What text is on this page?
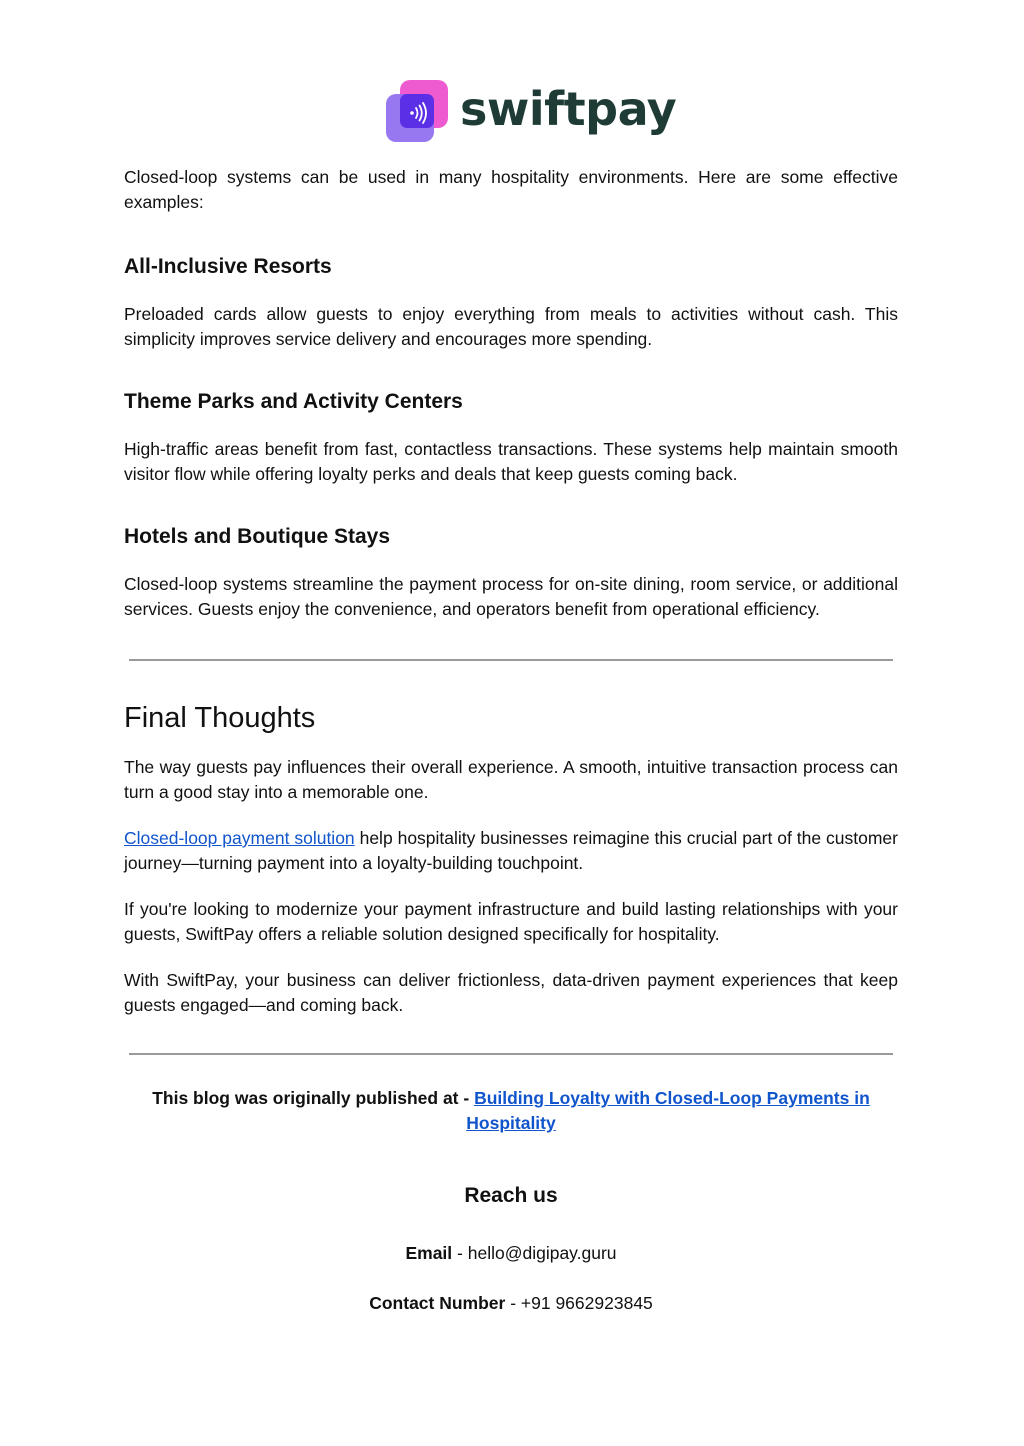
swiftpay

Closed-loop systems can be used in many hospitality environments. Here are some effective examples:

All-Inclusive Resorts

Preloaded cards allow guests to enjoy everything from meals to activities without cash. This simplicity improves service delivery and encourages more spending.

Theme Parks and Activity Centers

High-traffic areas benefit from fast, contactless transactions. These systems help maintain smooth visitor flow while offering loyalty perks and deals that keep guests coming back.

Hotels and Boutique Stays

Closed-loop systems streamline the payment process for on-site dining, room service, or additional services. Guests enjoy the convenience, and operators benefit from operational efficiency.

Final Thoughts

The way guests pay influences their overall experience. A smooth, intuitive transaction process can turn a good stay into a memorable one.

Closed-loop payment solution help hospitality businesses reimagine this crucial part of the customer journey—turning payment into a loyalty-building touchpoint.

If you're looking to modernize your payment infrastructure and build lasting relationships with your guests, SwiftPay offers a reliable solution designed specifically for hospitality.

With SwiftPay, your business can deliver frictionless, data-driven payment experiences that keep guests engaged—and coming back.

This blog was originally published at - Building Loyalty with Closed-Loop Payments in Hospitality

Reach us

Email - hello@digipay.guru

Contact Number - +91 9662923845
